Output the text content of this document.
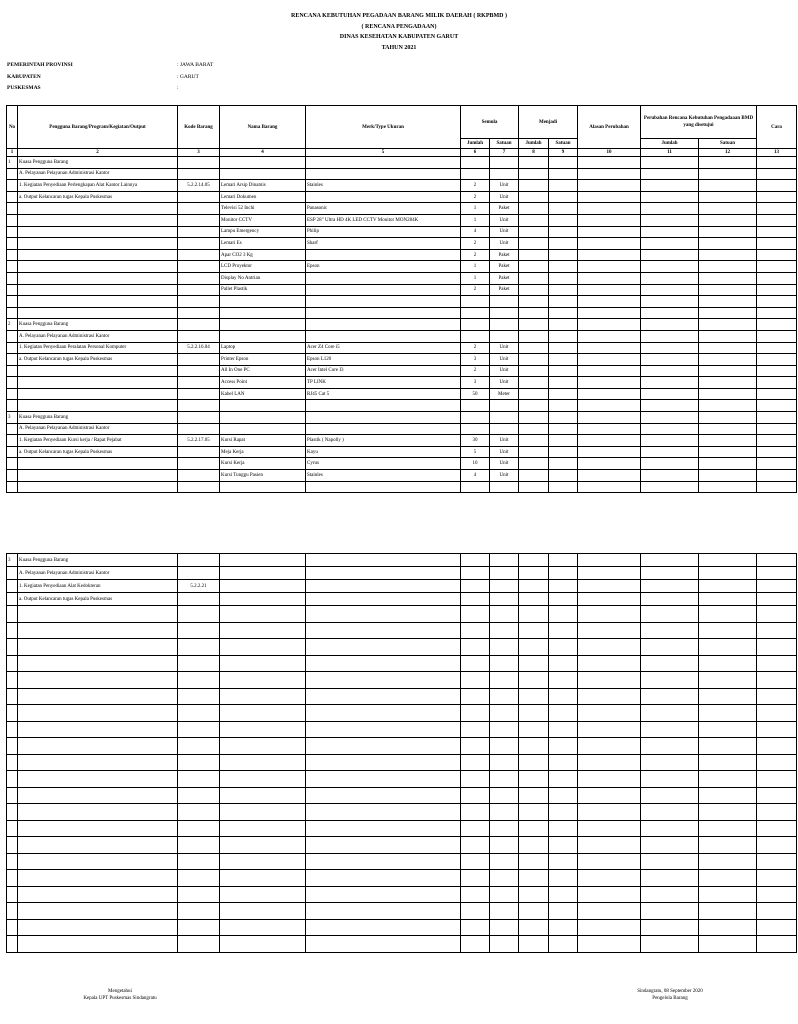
RENCANA KEBUTUHAN PEGADAAN BARANG MILIK DAERAH ( RKPBMD )
( RENCANA PENGADAAN)
DINAS KESEHATAN KABUPATEN GARUT
TAHUN 2021
PEMERINTAH PROVINSI	: JAWA BARAT
KABUPATEN	: GARUT
PUSKESMAS	:
No	Pengguna Barang/Program/Kegiatan/Output	Kode Barang	Nama Barang	Merk/Type Ukuran	Semula		Menjadi		Alasan Perubahan	Perubahan Rencana Kebutuhan Pengadaaan BMD yang disetujui		Cara
					Jumlah	Satuan	Jumlah	Satuan		Jumlah	Satuan	
1	2	3	4	5	6	7	8	9	10	11	12	13
1	Kuasa Pengguna Barang											
	A. Pelayanan Pelayanan Administrasi Kantor											
	1. Kegiatan Penyediaan Perlengkapan Alat Kantor Lainnya	5.2.2.14.05	Lemari Arsip Dinamis	Stainles	2	Unit						
	a. Output Kelancaran tugas Kepala Puskesmas		Lemari Dokumen		2	Unit						
			Televisi 52 Inchi	Panasonic	1	Paket						
			Monitor CCTV	ESP 28" Ultra HD 4K LED CCTV Monitor MON284K	1	Unit						
			Lampu Emergency	Philip	4	Unit						
			Lemari Es	Sharf	2	Unit						
			Apar CO2 3 Kg		2	Paket						
			LCD Proyektor	Epson	1	Paket						
			Display No Antrian		1	Paket						
			Pallet Plastik		2	Paket						

2	Kuasa Pengguna Barang											
	A. Pelayanan Pelayanan Administrasi Kantor											
	1. Kegiatan Penyediaan Peralatan Personal Komputer	5.2.2.16.04	Laptop	Acer Z4 Core i5	2	Unit						
	a. Output Kelancaran tugas Kepala Puskesmas		Printer Epson	Epson L120	3	Unit						
			All In One PC	Acer Intel Core I3	2	Unit						
			Access Point	TP LINK	3	Unit						
			Kabel LAN	RJ45 Cat 5	50	Meter						

3	Kuasa Pengguna Barang											
	A. Pelayanan Pelayanan Administrasi Kantor											
	1. Kegiatan Penyediaan Kursi kerja / Rapat Pejabat	5.2.2.17.05	Kursi Rapat	Plastik ( Napolly )	30	Unit						
	a. Output Kelancaran tugas Kepala Puskesmas		Meja Kerja	Kayu	5	Unit						
			Kursi Kerja	Cyrus	10	Unit						
			Kursi Tunggu Pasien	Stainles	4	Unit						

3	Kuasa Pengguna Barang											
	A. Pelayanan Pelayanan Administrasi Kantor											
	1. Kegiatan Penyediaan Alat Kedokteran	5.2.2.21										
	a. Output Kelancaran tugas Kepala Puskesmas											

Mengetahui
Kepala UPT Puskesmas Sindangratu
Sindangratu, 08 September 2020
Pengelola Barang
